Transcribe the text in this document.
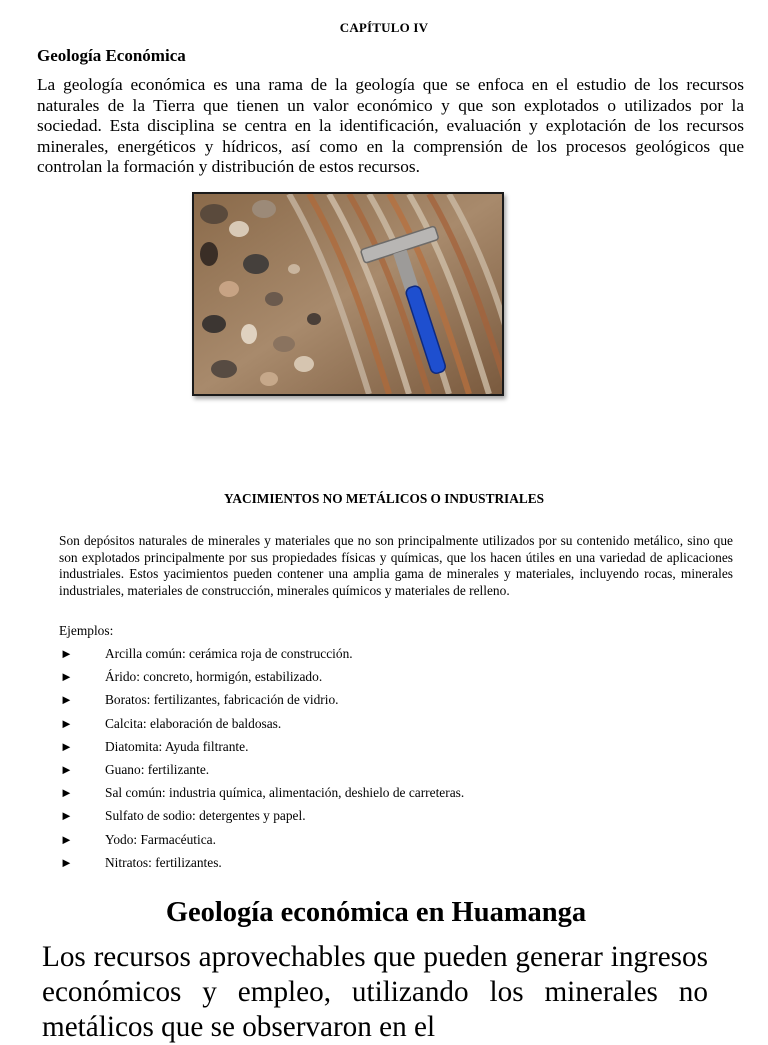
CAPÍTULO IV
Geología Económica

La geología económica es una rama de la geología que se enfoca en el estudio de los recursos naturales de la Tierra que tienen un valor económico y que son explotados o utilizados por la sociedad. Esta disciplina se centra en la identificación, evaluación y explotación de los recursos minerales, energéticos y hídricos, así como en la comprensión de los procesos geológicos que controlan la formación y distribución de estos recursos.

YACIMIENTOS NO METÁLICOS O INDUSTRIALES

Son depósitos naturales de minerales y materiales que no son principalmente utilizados por su contenido metálico, sino que son explotados principalmente por sus propiedades físicas y químicas, que los hacen útiles en una variedad de aplicaciones industriales. Estos yacimientos pueden contener una amplia gama de minerales y materiales, incluyendo rocas, minerales industriales, materiales de construcción, minerales químicos y materiales de relleno.

Ejemplos:
► Arcilla común: cerámica roja de construcción.
► Árido: concreto, hormigón, estabilizado.
► Boratos: fertilizantes, fabricación de vidrio.
► Calcita: elaboración de baldosas.
► Diatomita: Ayuda filtrante.
► Guano: fertilizante.
► Sal común: industria química, alimentación, deshielo de carreteras.
► Sulfato de sodio: detergentes y papel.
► Yodo: Farmacéutica.
► Nitratos: fertilizantes.
Geología económica en Huamanga

Los recursos aprovechables que pueden generar ingresos económicos y empleo, utilizando los minerales no metálicos que se observaron en el
